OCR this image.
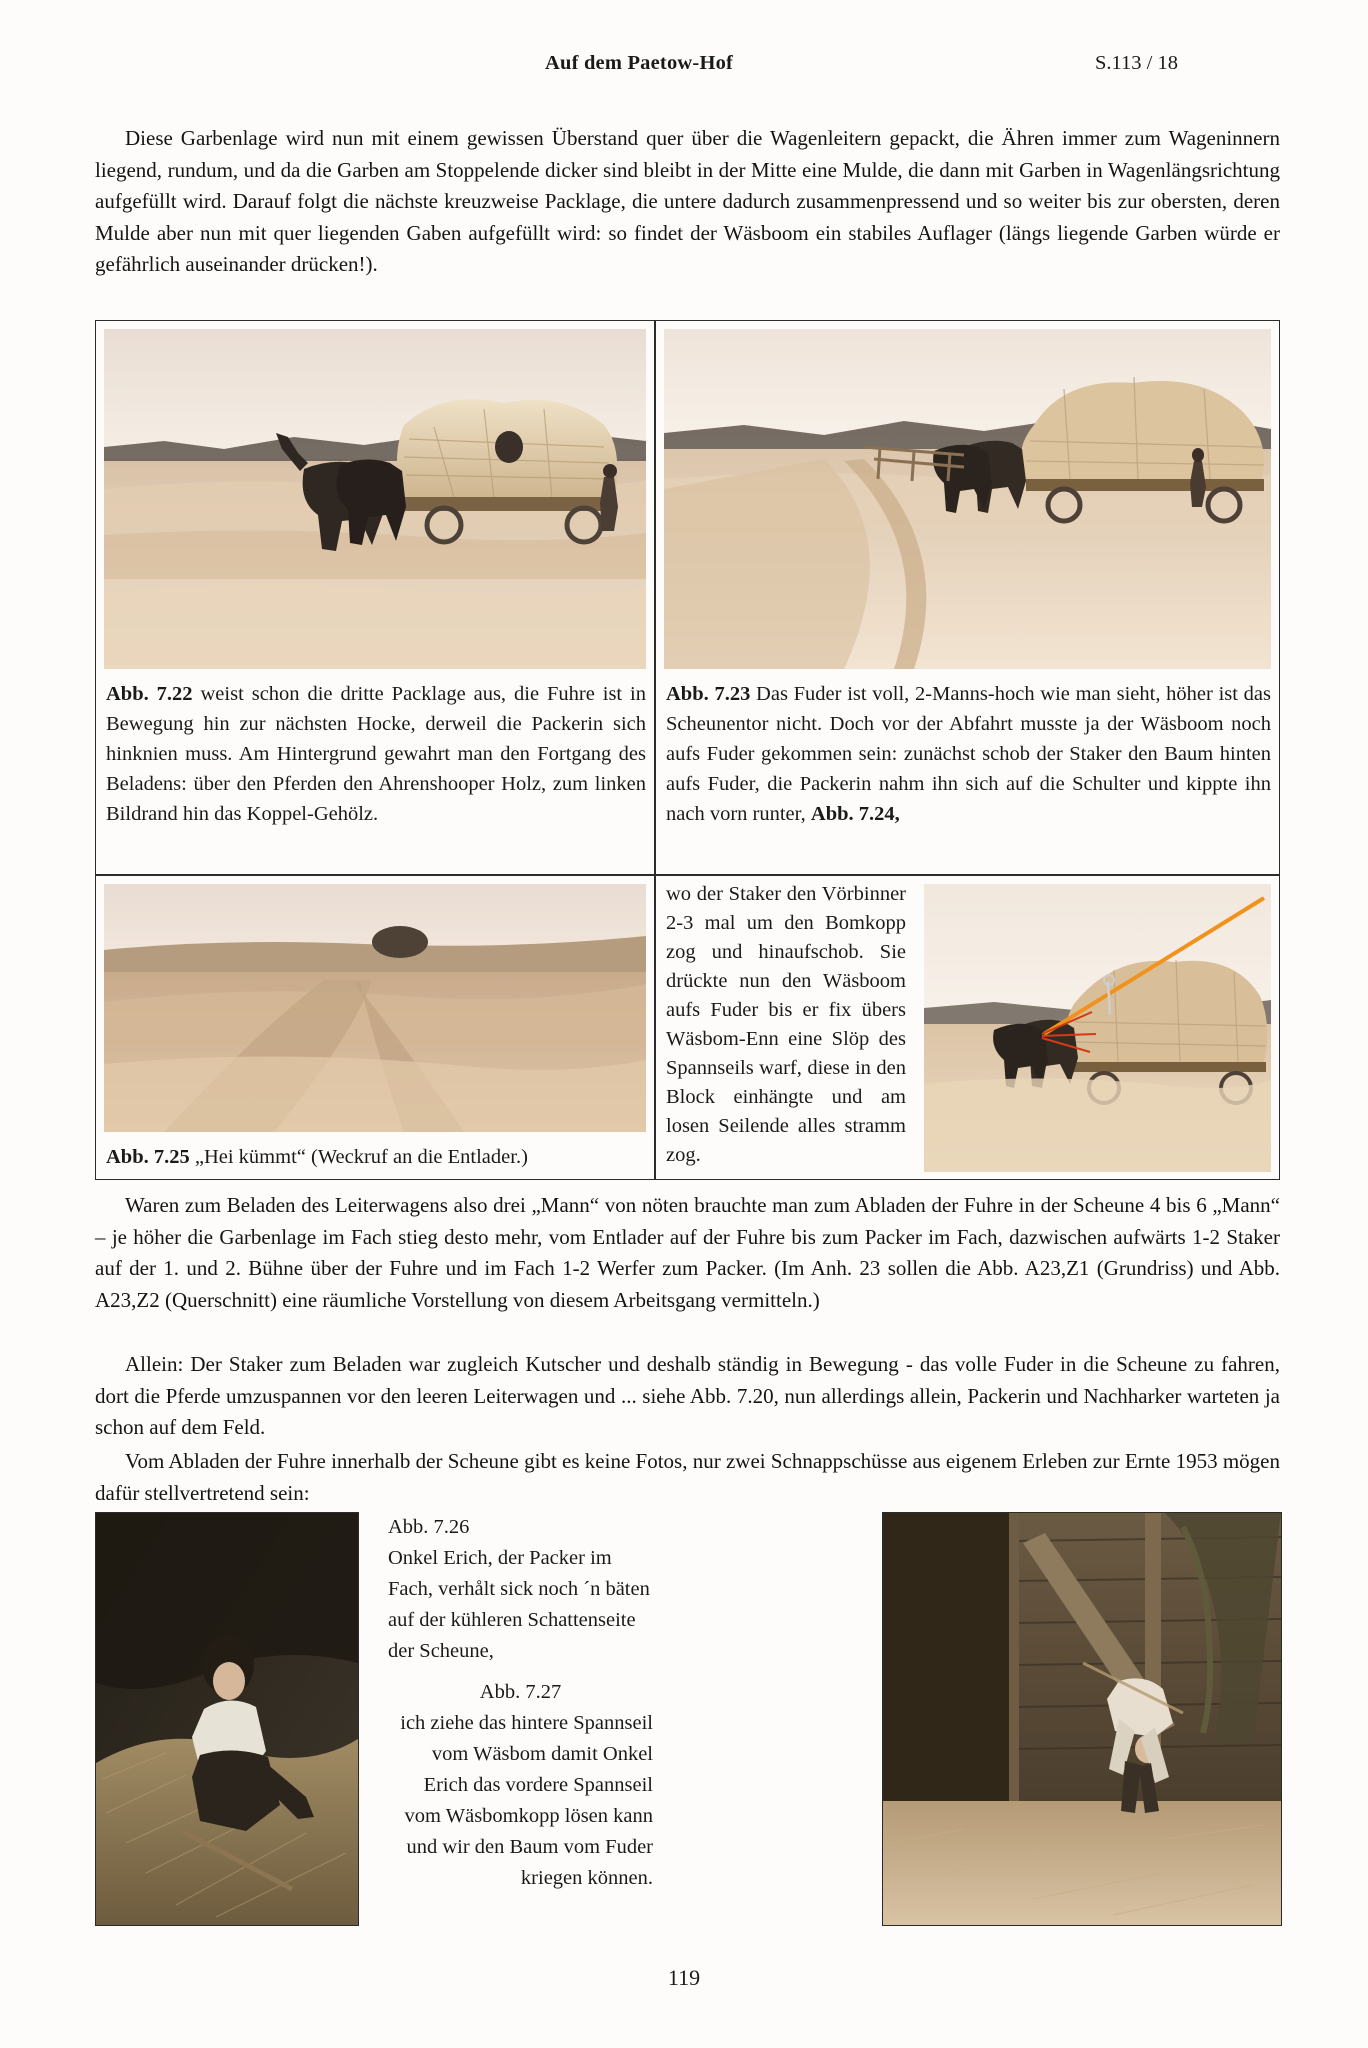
Auf dem Paetow-Hof	S.113 / 18
Diese Garbenlage wird nun mit einem gewissen Überstand quer über die Wagenleitern gepackt, die Ähren immer zum Wageninnern liegend, rundum, und da die Garben am Stoppelende dicker sind bleibt in der Mitte eine Mulde, die dann mit Garben in Wagenlängsrichtung aufgefüllt wird. Darauf folgt die nächste kreuzweise Packlage, die untere dadurch zusammenpressend und so weiter bis zur obersten, deren Mulde aber nun mit quer liegenden Gaben aufgefüllt wird: so findet der Wäsboom ein stabiles Auflager (längs liegende Garben würde er gefährlich auseinander drücken!).
Abb. 7.22 weist schon die dritte Packlage aus, die Fuhre ist in Bewegung hin zur nächsten Hocke, derweil die Packerin sich hinknien muss. Am Hintergrund gewahrt man den Fortgang des Beladens: über den Pferden den Ahrenshooper Holz, zum linken Bildrand hin das Koppel-Gehölz.
Abb. 7.23 Das Fuder ist voll, 2-Manns-hoch wie man sieht, höher ist das Scheunentor nicht. Doch vor der Abfahrt musste ja der Wäsboom noch aufs Fuder gekommen sein: zunächst schob der Staker den Baum hinten aufs Fuder, die Packerin nahm ihn sich auf die Schulter und kippte ihn nach vorn runter, Abb. 7.24,
Abb. 7.25 „Hei kümmt“ (Weckruf an die Entlader.)
wo der Staker den Vörbinner 2-3 mal um den Bomkopp zog und hinaufschob. Sie drückte nun den Wäsboom aufs Fuder bis er fix übers Wäsbom-Enn eine Slöp des Spannseils warf, diese in den Block einhängte und am losen Seilende alles stramm zog.
Waren zum Beladen des Leiterwagens also drei „Mann“ von nöten brauchte man zum Abladen der Fuhre in der Scheune 4 bis 6 „Mann“ – je höher die Garbenlage im Fach stieg desto mehr, vom Entlader auf der Fuhre bis zum Packer im Fach, dazwischen aufwärts 1-2 Staker auf der 1. und 2. Bühne über der Fuhre und im Fach 1-2 Werfer zum Packer. (Im Anh. 23 sollen die Abb. A23,Z1 (Grundriss) und Abb. A23,Z2 (Querschnitt) eine räumliche Vorstellung von diesem Arbeitsgang vermitteln.)
Allein: Der Staker zum Beladen war zugleich Kutscher und deshalb ständig in Bewegung - das volle Fuder in die Scheune zu fahren, dort die Pferde umzuspannen vor den leeren Leiterwagen und ... siehe Abb. 7.20, nun allerdings allein, Packerin und Nachharker warteten ja schon auf dem Feld.
Vom Abladen der Fuhre innerhalb der Scheune gibt es keine Fotos, nur zwei Schnappschüsse aus eigenem Erleben zur Ernte 1953 mögen dafür stellvertretend sein:
Abb. 7.26
Onkel Erich, der Packer im Fach, verhålt sick noch ´n bäten auf der kühleren Schattenseite der Scheune,
Abb. 7.27
ich ziehe das hintere Spannseil vom Wäsbom damit Onkel Erich das vordere Spannseil vom Wäsbomkopp lösen kann und wir den Baum vom Fuder kriegen können.
119
